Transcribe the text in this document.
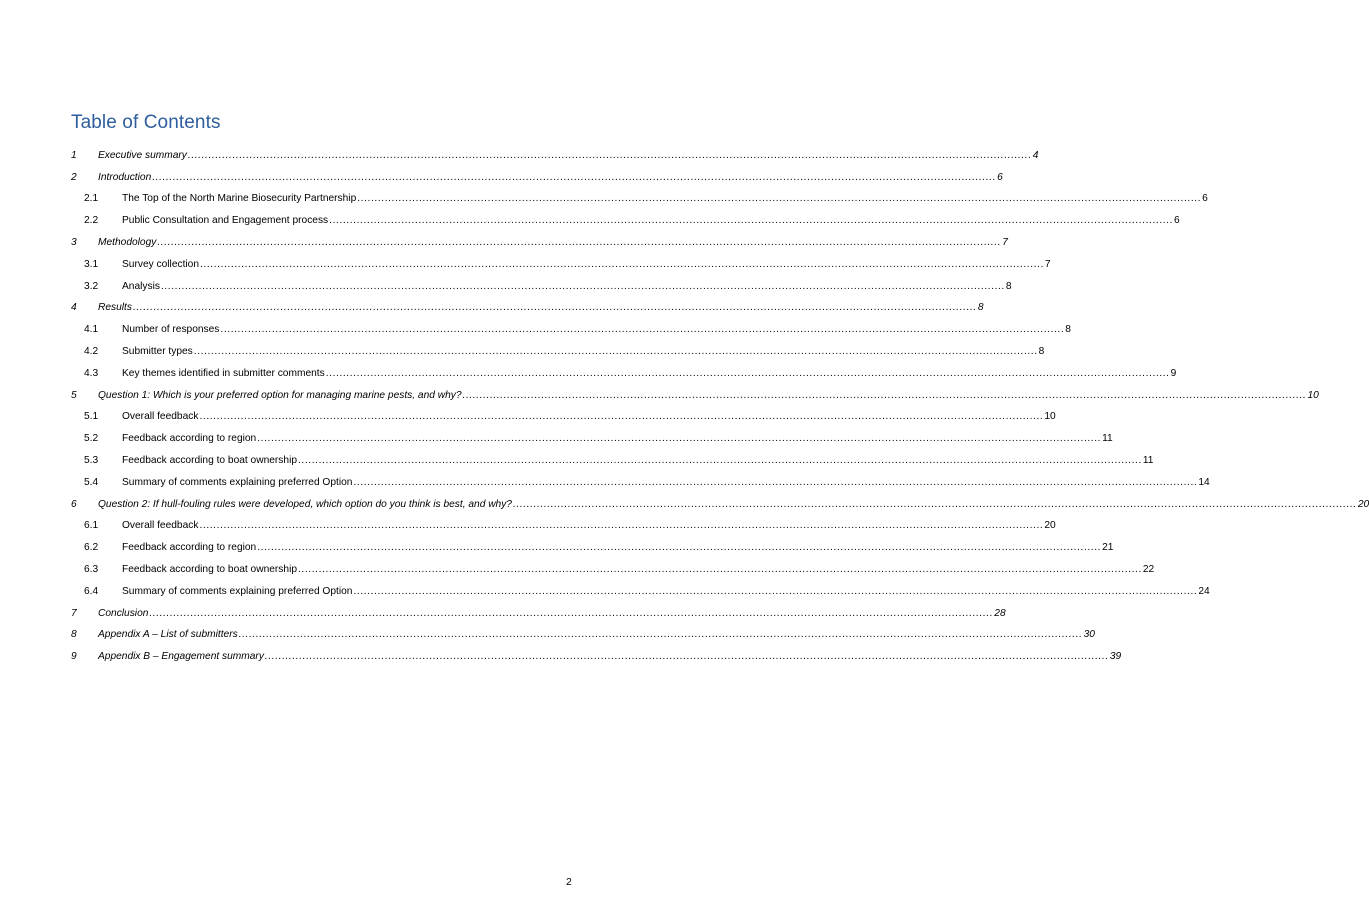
Table of Contents
1	Executive summary .....	4
2	Introduction .....	6
2.1	The Top of the North Marine Biosecurity Partnership .....	6
2.2	Public Consultation and Engagement process .....	6
3	Methodology .....	7
3.1	Survey collection .....	7
3.2	Analysis .....	8
4	Results .....	8
4.1	Number of responses .....	8
4.2	Submitter types .....	8
4.3	Key themes identified in submitter comments .....	9
5	Question 1: Which is your preferred option for managing marine pests, and why? .....	10
5.1	Overall feedback .....	10
5.2	Feedback according to region .....	11
5.3	Feedback according to boat ownership .....	11
5.4	Summary of comments explaining preferred Option .....	14
6	Question 2: If hull-fouling rules were developed, which option do you think is best, and why? .....	20
6.1	Overall feedback .....	20
6.2	Feedback according to region .....	21
6.3	Feedback according to boat ownership .....	22
6.4	Summary of comments explaining preferred Option .....	24
7	Conclusion .....	28
8	Appendix A – List of submitters .....	30
9	Appendix B – Engagement summary .....	39
2
